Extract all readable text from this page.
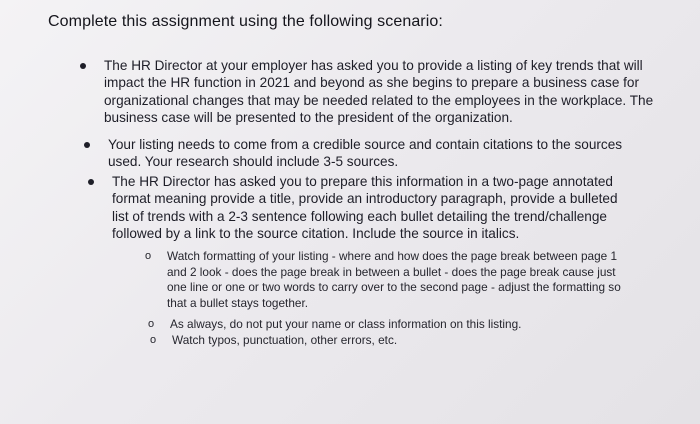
Complete this assignment using the following scenario:
The HR Director at your employer has asked you to provide a listing of key trends that will impact the HR function in 2021 and beyond as she begins to prepare a business case for organizational changes that may be needed related to the employees in the workplace. The business case will be presented to the president of the organization.
Your listing needs to come from a credible source and contain citations to the sources used. Your research should include 3-5 sources.
The HR Director has asked you to prepare this information in a two-page annotated format meaning provide a title, provide an introductory paragraph, provide a bulleted list of trends with a 2-3 sentence following each bullet detailing the trend/challenge followed by a link to the source citation. Include the source in italics.
o Watch formatting of your listing - where and how does the page break between page 1 and 2 look - does the page break in between a bullet - does the page break cause just one line or one or two words to carry over to the second page - adjust the formatting so that a bullet stays together.
o As always, do not put your name or class information on this listing.
o Watch typos, punctuation, other errors, etc.
